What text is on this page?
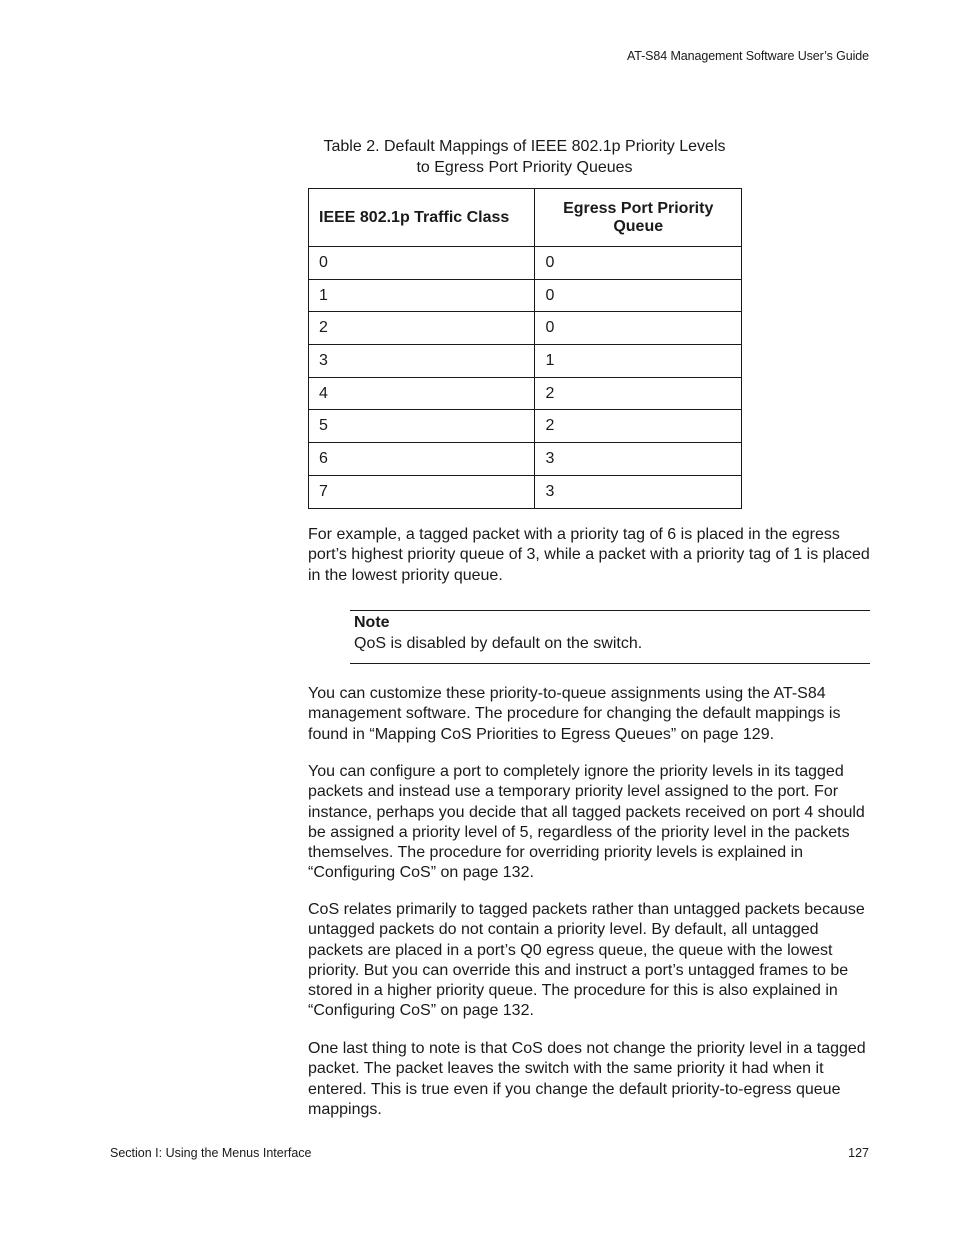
AT-S84 Management Software User’s Guide
Table 2. Default Mappings of IEEE 802.1p Priority Levels
to Egress Port Priority Queues
IEEE 802.1p Traffic Class	Egress Port Priority Queue
0	0
1	0
2	0
3	1
4	2
5	2
6	3
7	3

For example, a tagged packet with a priority tag of 6 is placed in the egress port’s highest priority queue of 3, while a packet with a priority tag of 1 is placed in the lowest priority queue.

Note
QoS is disabled by default on the switch.

You can customize these priority-to-queue assignments using the AT-S84 management software. The procedure for changing the default mappings is found in “Mapping CoS Priorities to Egress Queues” on page 129.

You can configure a port to completely ignore the priority levels in its tagged packets and instead use a temporary priority level assigned to the port. For instance, perhaps you decide that all tagged packets received on port 4 should be assigned a priority level of 5, regardless of the priority level in the packets themselves. The procedure for overriding priority levels is explained in “Configuring CoS” on page 132.

CoS relates primarily to tagged packets rather than untagged packets because untagged packets do not contain a priority level. By default, all untagged packets are placed in a port’s Q0 egress queue, the queue with the lowest priority. But you can override this and instruct a port’s untagged frames to be stored in a higher priority queue. The procedure for this is also explained in “Configuring CoS” on page 132.

One last thing to note is that CoS does not change the priority level in a tagged packet. The packet leaves the switch with the same priority it had when it entered. This is true even if you change the default priority-to-egress queue mappings.

Section I: Using the Menus Interface	127
